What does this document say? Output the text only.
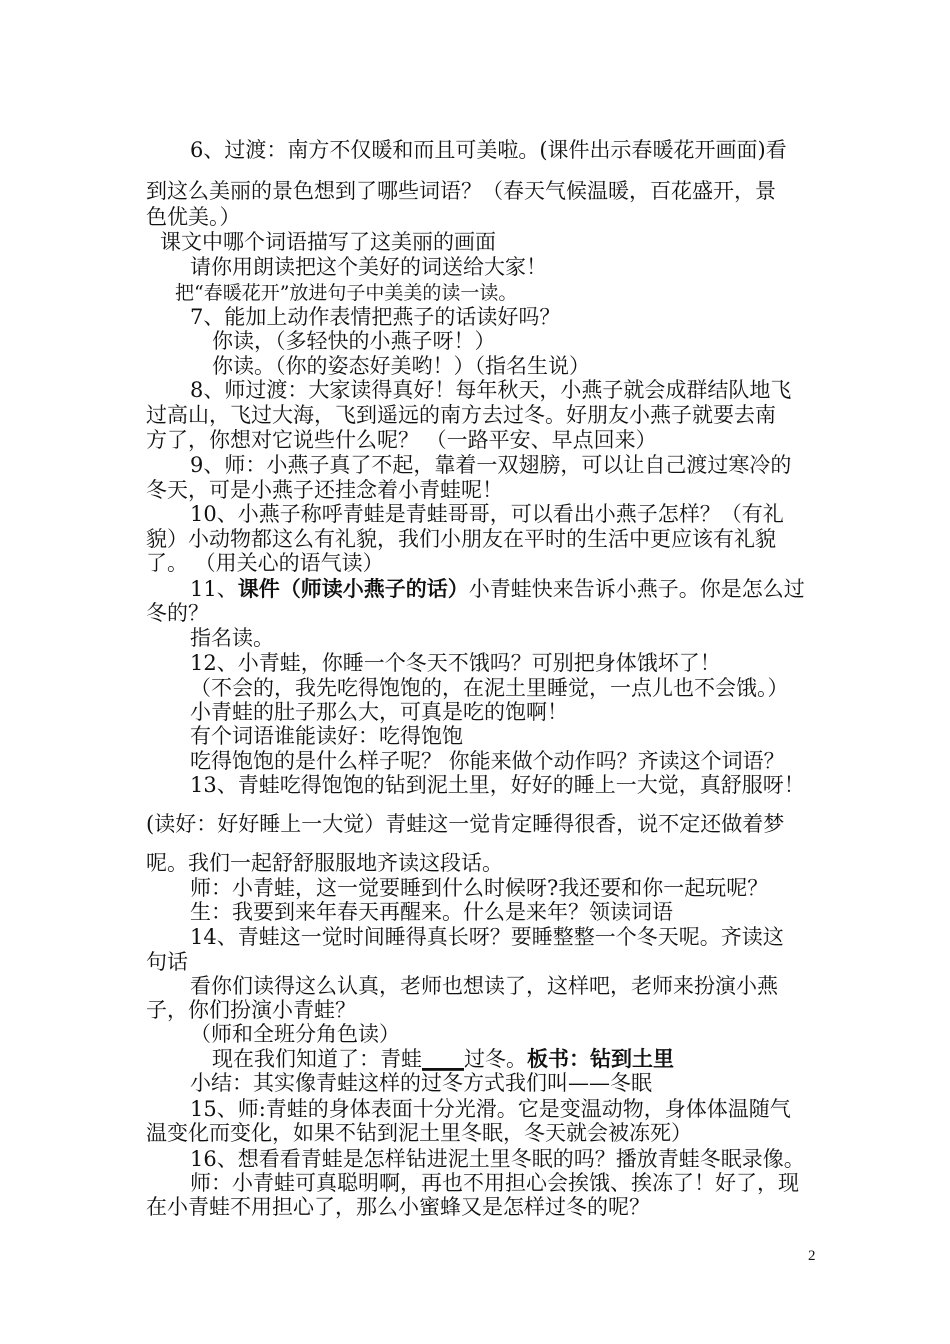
6、过渡：南方不仅暖和而且可美啦。(课件出示春暖花开画面)看
到这么美丽的景色想到了哪些词语？（春天气候温暖，百花盛开，景
色优美。）
课文中哪个词语描写了这美丽的画面
请你用朗读把这个美好的词送给大家！
把“春暖花开”放进句子中美美的读一读。
7、能加上动作表情把燕子的话读好吗？
你读，（多轻快的小燕子呀！）
你读。（你的姿态好美哟！）（指名生说）
8、师过渡：大家读得真好！每年秋天，小燕子就会成群结队地飞
过高山，飞过大海，飞到遥远的南方去过冬。好朋友小燕子就要去南
方了，你想对它说些什么呢？ （一路平安、早点回来）
9、师：小燕子真了不起，靠着一双翅膀，可以让自己渡过寒冷的
冬天，可是小燕子还挂念着小青蛙呢！
10、小燕子称呼青蛙是青蛙哥哥，可以看出小燕子怎样？（有礼
貌）小动物都这么有礼貌，我们小朋友在平时的生活中更应该有礼貌
了。 （用关心的语气读）
11、课件（师读小燕子的话）小青蛙快来告诉小燕子。你是怎么过
冬的？
指名读。
12、小青蛙，你睡一个冬天不饿吗？可别把身体饿坏了！
（不会的，我先吃得饱饱的，在泥土里睡觉，一点儿也不会饿。）
小青蛙的肚子那么大，可真是吃的饱啊！
有个词语谁能读好：吃得饱饱
吃得饱饱的是什么样子呢？ 你能来做个动作吗？齐读这个词语？
13、青蛙吃得饱饱的钻到泥土里，好好的睡上一大觉，真舒服呀！
(读好：好好睡上一大觉）青蛙这一觉肯定睡得很香，说不定还做着梦
呢。我们一起舒舒服服地齐读这段话。
师：小青蛙，这一觉要睡到什么时候呀?我还要和你一起玩呢？
生：我要到来年春天再醒来。什么是来年？领读词语
14、青蛙这一觉时间睡得真长呀？要睡整整一个冬天呢。齐读这
句话
看你们读得这么认真，老师也想读了，这样吧，老师来扮演小燕
子，你们扮演小青蛙？
（师和全班分角色读）
现在我们知道了：青蛙____过冬。板书：钻到土里
小结：其实像青蛙这样的过冬方式我们叫——冬眠
15、师:青蛙的身体表面十分光滑。它是变温动物，身体体温随气
温变化而变化，如果不钻到泥土里冬眠，冬天就会被冻死）
16、想看看青蛙是怎样钻进泥土里冬眠的吗？播放青蛙冬眠录像。
师：小青蛙可真聪明啊，再也不用担心会挨饿、挨冻了！好了，现
在小青蛙不用担心了，那么小蜜蜂又是怎样过冬的呢？
2
